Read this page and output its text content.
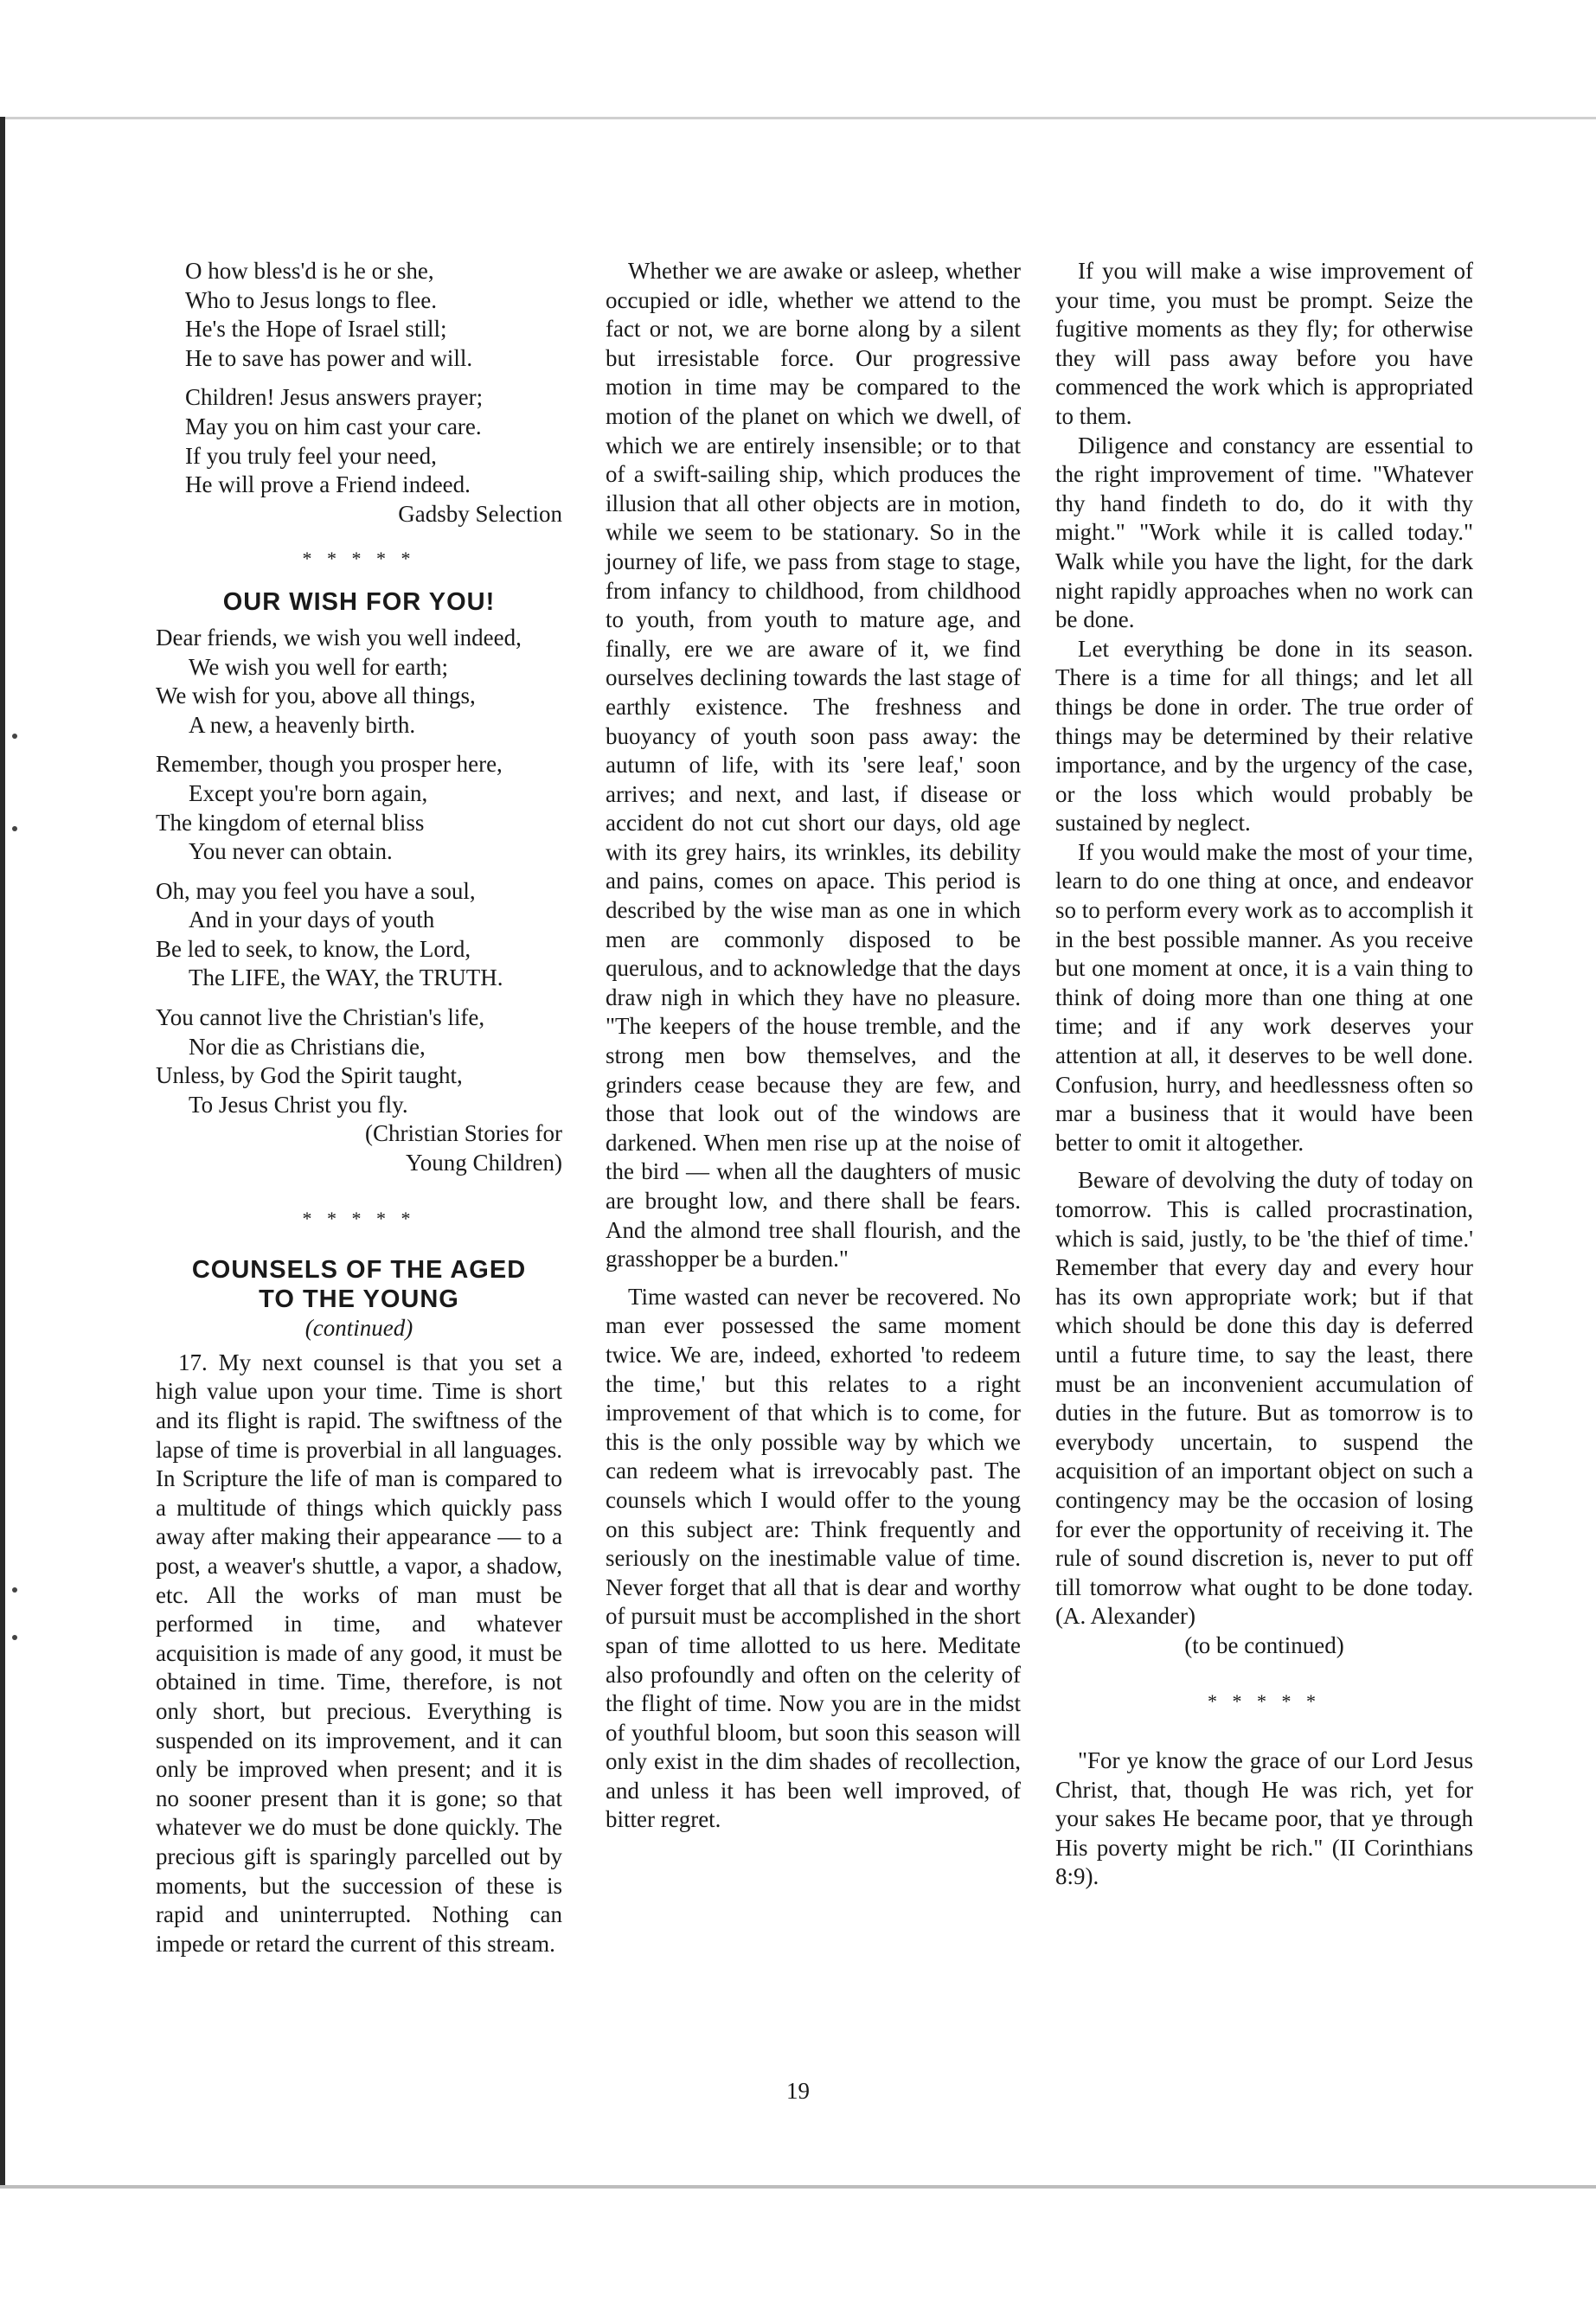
O how bless'd is he or she,

Who to Jesus longs to flee.

He's the Hope of Israel still;

He to save has power and will.

Children! Jesus answers prayer;

May you on him cast your care.

If you truly feel your need,

He will prove a Friend indeed.

Gadsby Selection

* * * * *
OUR WISH FOR YOU!

Dear friends, we wish you well indeed,

We wish you well for earth;

We wish for you, above all things,

A new, a heavenly birth.

Remember, though you prosper here,

Except you're born again,

The kingdom of eternal bliss

You never can obtain.

Oh, may you feel you have a soul,

And in your days of youth

Be led to seek, to know, the Lord,

The LIFE, the WAY, the TRUTH.

You cannot live the Christian's life,

Nor die as Christians die,

Unless, by God the Spirit taught,

To Jesus Christ you fly.

(Christian Stories for

Young Children)

* * * * *
COUNSELS OF THE AGED
TO THE YOUNG
(continued)

17. My next counsel is that you set a high value upon your time. Time is short and its flight is rapid. The swiftness of the lapse of time is proverbial in all languages. In Scripture the life of man is compared to a multitude of things which quickly pass away after making their appearance — to a post, a weaver's shuttle, a vapor, a shadow, etc. All the works of man must be performed in time, and whatever acquisition is made of any good, it must be obtained in time. Time, therefore, is not only short, but precious. Everything is suspended on its improvement, and it can only be improved when present; and it is no sooner present than it is gone; so that whatever we do must be done quickly. The precious gift is sparingly parcelled out by moments, but the succession of these is rapid and uninterrupted. Nothing can impede or retard the current of this stream.

Whether we are awake or asleep, whether occupied or idle, whether we attend to the fact or not, we are borne along by a silent but irresistable force. Our progressive motion in time may be compared to the motion of the planet on which we dwell, of which we are entirely insensible; or to that of a swift-sailing ship, which produces the illusion that all other objects are in motion, while we seem to be stationary. So in the journey of life, we pass from stage to stage, from infancy to childhood, from childhood to youth, from youth to mature age, and finally, ere we are aware of it, we find ourselves declining towards the last stage of earthly existence. The freshness and buoyancy of youth soon pass away: the autumn of life, with its 'sere leaf,' soon arrives; and next, and last, if disease or accident do not cut short our days, old age with its grey hairs, its wrinkles, its debility and pains, comes on apace. This period is described by the wise man as one in which men are commonly disposed to be querulous, and to acknowledge that the days draw nigh in which they have no pleasure. "The keepers of the house tremble, and the strong men bow themselves, and the grinders cease because they are few, and those that look out of the windows are darkened. When men rise up at the noise of the bird — when all the daughters of music are brought low, and there shall be fears. And the almond tree shall flourish, and the grasshopper be a burden."

Time wasted can never be recovered. No man ever possessed the same moment twice. We are, indeed, exhorted 'to redeem the time,' but this relates to a right improvement of that which is to come, for this is the only possible way by which we can redeem what is irrevocably past. The counsels which I would offer to the young on this subject are: Think frequently and seriously on the inestimable value of time. Never forget that all that is dear and worthy of pursuit must be accomplished in the short span of time allotted to us here. Meditate also profoundly and often on the celerity of the flight of time. Now you are in the midst of youthful bloom, but soon this season will only exist in the dim shades of recollection, and unless it has been well improved, of bitter regret.

If you will make a wise improvement of your time, you must be prompt. Seize the fugitive moments as they fly; for otherwise they will pass away before you have commenced the work which is appropriated to them.

Diligence and constancy are essential to the right improvement of time. "Whatever thy hand findeth to do, do it with thy might." "Work while it is called today." Walk while you have the light, for the dark night rapidly approaches when no work can be done.

Let everything be done in its season. There is a time for all things; and let all things be done in order. The true order of things may be determined by their relative importance, and by the urgency of the case, or the loss which would probably be sustained by neglect.

If you would make the most of your time, learn to do one thing at once, and endeavor so to perform every work as to accomplish it in the best possible manner. As you receive but one moment at once, it is a vain thing to think of doing more than one thing at one time; and if any work deserves your attention at all, it deserves to be well done. Confusion, hurry, and heedlessness often so mar a business that it would have been better to omit it altogether.

Beware of devolving the duty of today on tomorrow. This is called procrastination, which is said, justly, to be 'the thief of time.' Remember that every day and every hour has its own appropriate work; but if that which should be done this day is deferred until a future time, to say the least, there must be an inconvenient accumulation of duties in the future. But as tomorrow is to everybody uncertain, to suspend the acquisition of an important object on such a contingency may be the occasion of losing for ever the opportunity of receiving it. The rule of sound discretion is, never to put off till tomorrow what ought to be done today. (A. Alexander)

(to be continued)

* * * * *

"For ye know the grace of our Lord Jesus Christ, that, though He was rich, yet for your sakes He became poor, that ye through His poverty might be rich." (II Corinthians 8:9).

19
